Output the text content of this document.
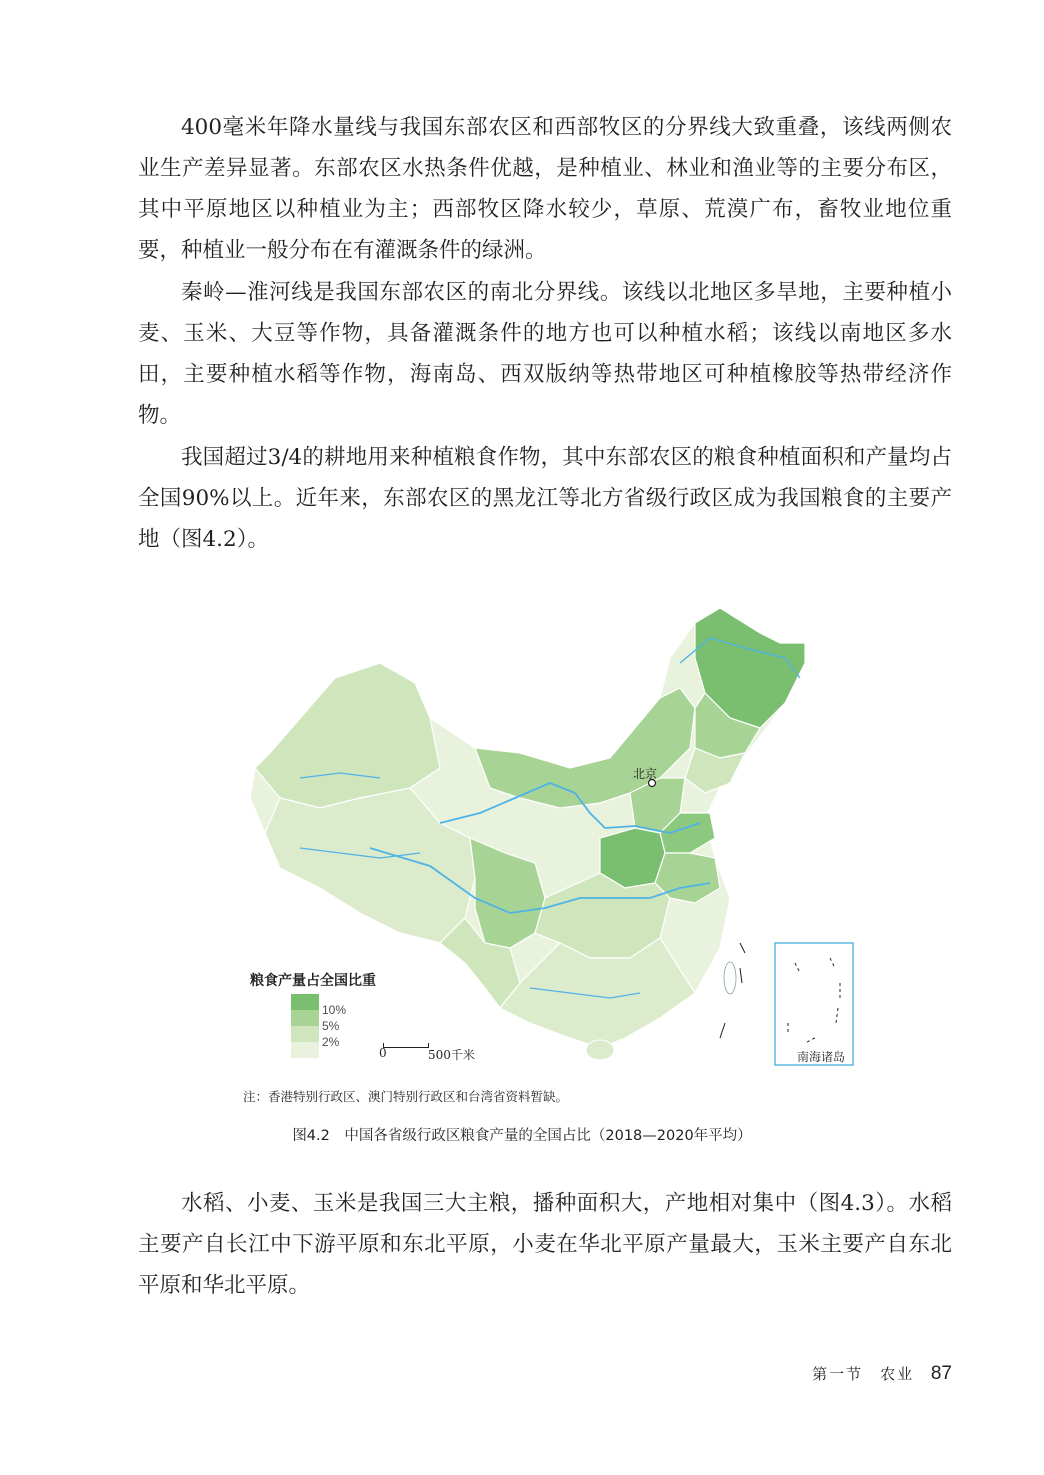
400毫米年降水量线与我国东部农区和西部牧区的分界线大致重叠，该线两侧农业生产差异显著。东部农区水热条件优越，是种植业、林业和渔业等的主要分布区，其中平原地区以种植业为主；西部牧区降水较少，草原、荒漠广布，畜牧业地位重要，种植业一般分布在有灌溉条件的绿洲。

秦岭—淮河线是我国东部农区的南北分界线。该线以北地区多旱地，主要种植小麦、玉米、大豆等作物，具备灌溉条件的地方也可以种植水稻；该线以南地区多水田，主要种植水稻等作物，海南岛、西双版纳等热带地区可种植橡胶等热带经济作物。

我国超过3/4的耕地用来种植粮食作物，其中东部农区的粮食种植面积和产量均占全国90%以上。近年来，东部农区的黑龙江等北方省级行政区成为我国粮食的主要产地（图4.2）。

北京
粮食产量占全国比重
10%
5%
2%
0	500千米	南海诸岛
注：香港特别行政区、澳门特别行政区和台湾省资料暂缺。
图4.2　中国各省级行政区粮食产量的全国占比（2018—2020年平均）

水稻、小麦、玉米是我国三大主粮，播种面积大，产地相对集中（图4.3）。水稻主要产自长江中下游平原和东北平原，小麦在华北平原产量最大，玉米主要产自东北平原和华北平原。

第一节　农业 87
